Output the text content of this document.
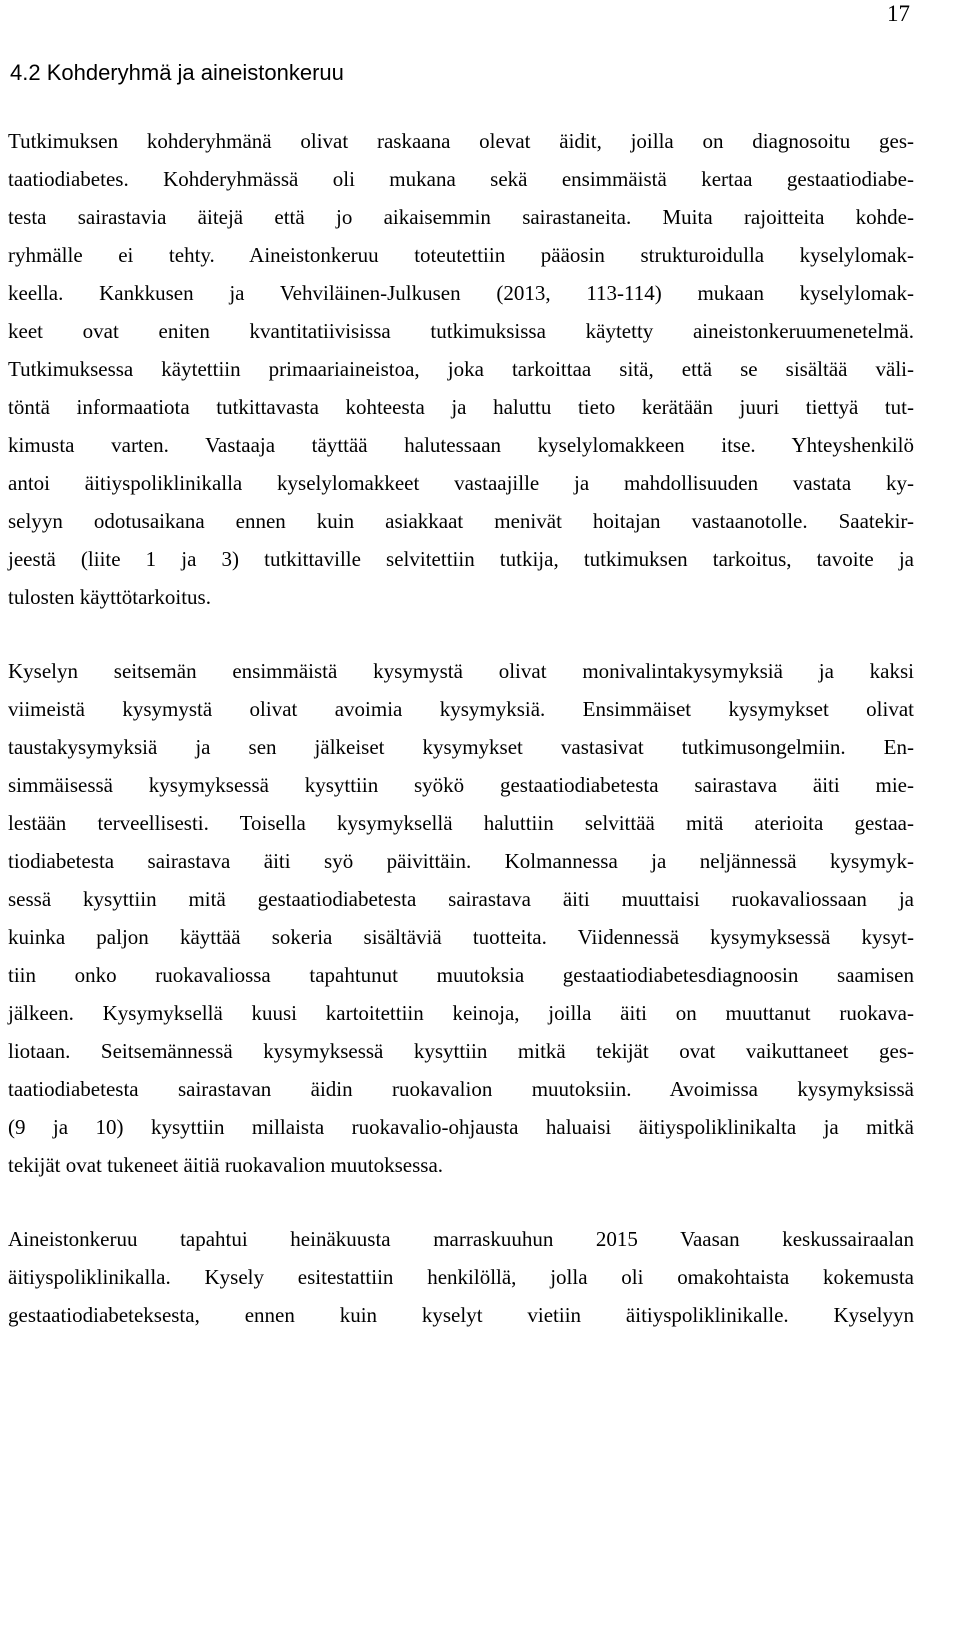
17
4.2 Kohderyhmä ja aineistonkeruu

Tutkimuksen kohderyhmänä olivat raskaana olevat äidit, joilla on diagnosoitu ges-
taatiodiabetes. Kohderyhmässä oli mukana sekä ensimmäistä kertaa gestaatiodiabe-
testa sairastavia äitejä että jo aikaisemmin sairastaneita. Muita rajoitteita kohde-
ryhmälle ei tehty. Aineistonkeruu toteutettiin pääosin strukturoidulla kyselylomak-
keella. Kankkusen ja Vehviläinen-Julkusen (2013, 113-114) mukaan kyselylomak-
keet ovat eniten kvantitatiivisissa tutkimuksissa käytetty aineistonkeruumenetelmä.
Tutkimuksessa käytettiin primaariaineistoa, joka tarkoittaa sitä, että se sisältää väli-
töntä informaatiota tutkittavasta kohteesta ja haluttu tieto kerätään juuri tiettyä tut-
kimusta varten. Vastaaja täyttää halutessaan kyselylomakkeen itse. Yhteyshenkilö
antoi äitiyspoliklinikalla kyselylomakkeet vastaajille ja mahdollisuuden vastata ky-
selyyn odotusaikana ennen kuin asiakkaat menivät hoitajan vastaanotolle. Saatekir-
jeestä (liite 1 ja 3) tutkittaville selvitettiin tutkija, tutkimuksen tarkoitus, tavoite ja
tulosten käyttötarkoitus.

Kyselyn seitsemän ensimmäistä kysymystä olivat monivalintakysymyksiä ja kaksi
viimeistä kysymystä olivat avoimia kysymyksiä. Ensimmäiset kysymykset olivat
taustakysymyksiä ja sen jälkeiset kysymykset vastasivat tutkimusongelmiin. En-
simmäisessä kysymyksessä kysyttiin syökö gestaatiodiabetesta sairastava äiti mie-
lestään terveellisesti. Toisella kysymyksellä haluttiin selvittää mitä aterioita gestaa-
tiodiabetesta sairastava äiti syö päivittäin. Kolmannessa ja neljännessä kysymyk-
sessä kysyttiin mitä gestaatiodiabetesta sairastava äiti muuttaisi ruokavaliossaan ja
kuinka paljon käyttää sokeria sisältäviä tuotteita. Viidennessä kysymyksessä kysyt-
tiin onko ruokavaliossa tapahtunut muutoksia gestaatiodiabetesdiagnoosin saamisen
jälkeen. Kysymyksellä kuusi kartoitettiin keinoja, joilla äiti on muuttanut ruokava-
liotaan. Seitsemännessä kysymyksessä kysyttiin mitkä tekijät ovat vaikuttaneet ges-
taatiodiabetesta sairastavan äidin ruokavalion muutoksiin. Avoimissa kysymyksissä
(9 ja 10) kysyttiin millaista ruokavalio-ohjausta haluaisi äitiyspoliklinikalta ja mitkä
tekijät ovat tukeneet äitiä ruokavalion muutoksessa.

Aineistonkeruu tapahtui heinäkuusta marraskuuhun 2015 Vaasan keskussairaalan
äitiyspoliklinikalla. Kysely esitestattiin henkilöllä, jolla oli omakohtaista kokemusta
gestaatiodiabeteksesta, ennen kuin kyselyt vietiin äitiyspoliklinikalle. Kyselyyn
